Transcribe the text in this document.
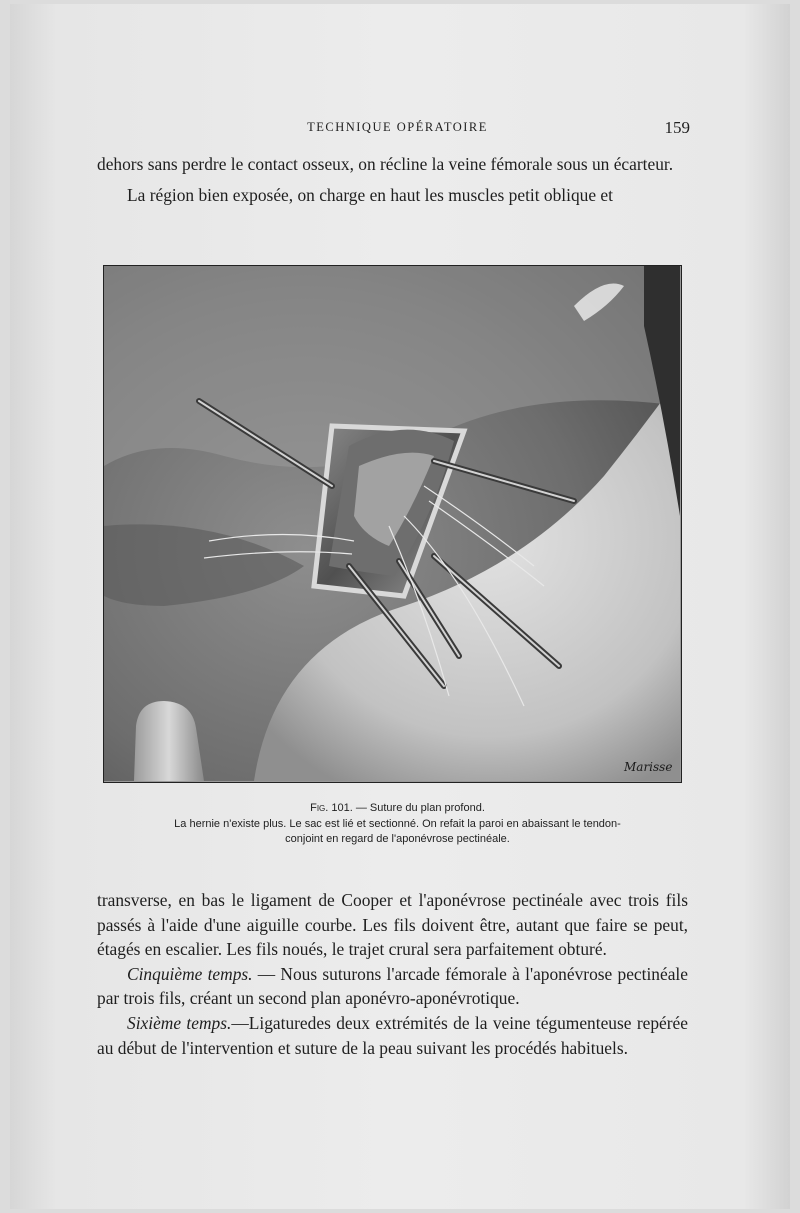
TECHNIQUE OPÉRATOIRE	159

dehors sans perdre le contact osseux, on récline la veine fémorale sous un écarteur.

La région bien exposée, on charge en haut les muscles petit oblique et

Marisse
Fig. 101. — Suture du plan profond.
La hernie n'existe plus. Le sac est lié et sectionné. On refait la paroi en abaissant le tendon-
conjoint en regard de l'aponévrose pectinéale.

transverse, en bas le ligament de Cooper et l'aponévrose pectinéale avec trois fils passés à l'aide d'une aiguille courbe. Les fils doivent être, autant que faire se peut, étagés en escalier. Les fils noués, le trajet crural sera parfaitement obturé.

Cinquième temps. — Nous suturons l'arcade fémorale à l'aponévrose pectinéale par trois fils, créant un second plan aponévro-aponévrotique.

Sixième temps.—Ligaturedes deux extrémités de la veine tégumenteuse repérée au début de l'intervention et suture de la peau suivant les procédés habituels.
